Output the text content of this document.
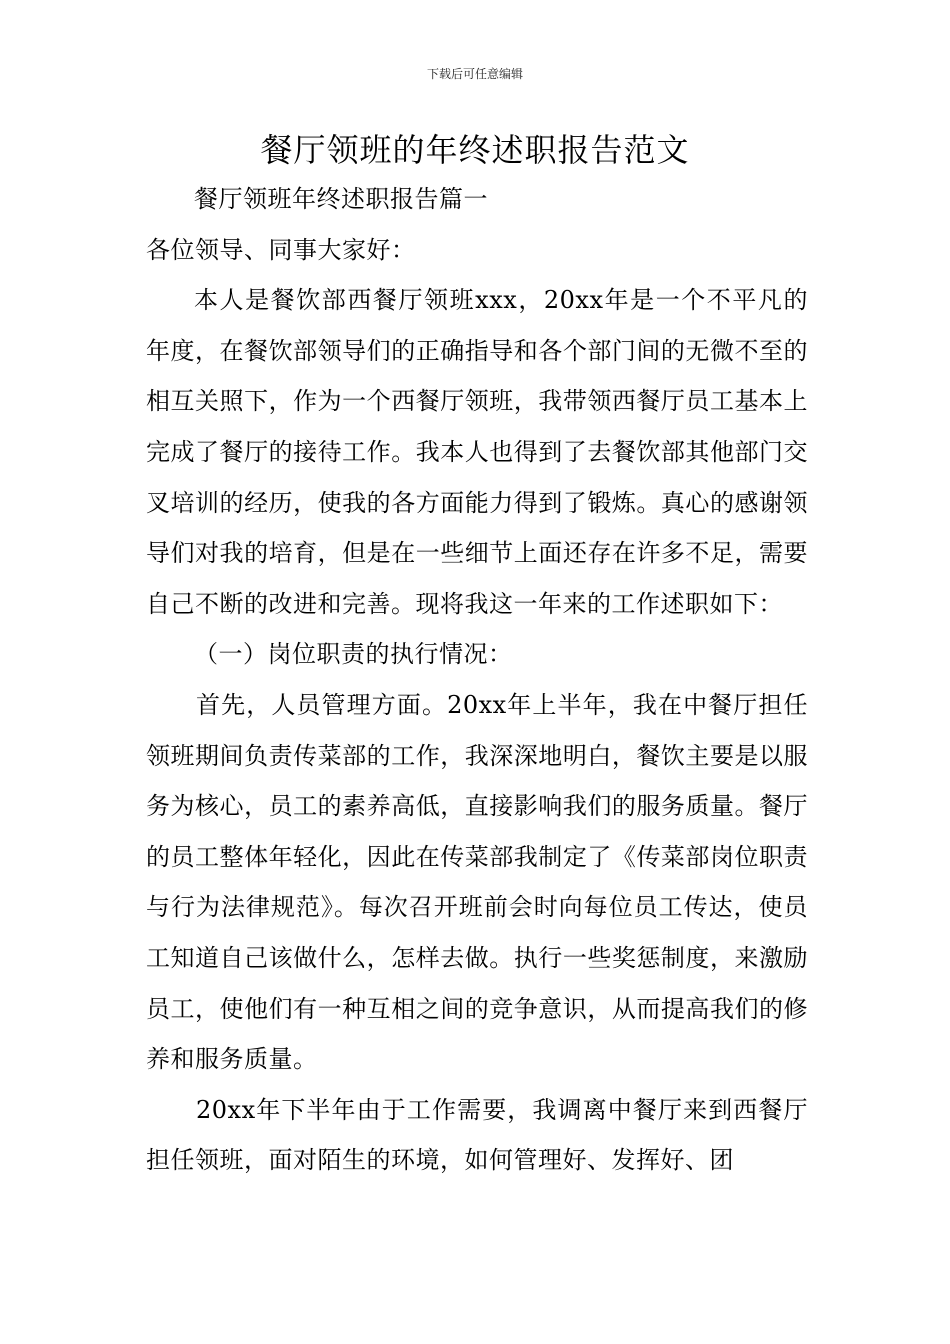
下载后可任意编辑
餐厅领班的年终述职报告范文

餐厅领班年终述职报告篇一

各位领导、同事大家好：

本人是餐饮部西餐厅领班xxx，20xx年是一个不平凡的年度，在餐饮部领导们的正确指导和各个部门间的无微不至的相互关照下，作为一个西餐厅领班，我带领西餐厅员工基本上完成了餐厅的接待工作。我本人也得到了去餐饮部其他部门交叉培训的经历，使我的各方面能力得到了锻炼。真心的感谢领导们对我的培育，但是在一些细节上面还存在许多不足，需要自己不断的改进和完善。现将我这一年来的工作述职如下：

（一）岗位职责的执行情况：

首先，人员管理方面。20xx年上半年，我在中餐厅担任领班期间负责传菜部的工作，我深深地明白，餐饮主要是以服务为核心，员工的素养高低，直接影响我们的服务质量。餐厅的员工整体年轻化，因此在传菜部我制定了《传菜部岗位职责与行为法律规范》。每次召开班前会时向每位员工传达，使员工知道自己该做什么，怎样去做。执行一些奖惩制度，来激励员工，使他们有一种互相之间的竞争意识，从而提高我们的修养和服务质量。

20xx年下半年由于工作需要，我调离中餐厅来到西餐厅担任领班，面对陌生的环境，如何管理好、发挥好、团
